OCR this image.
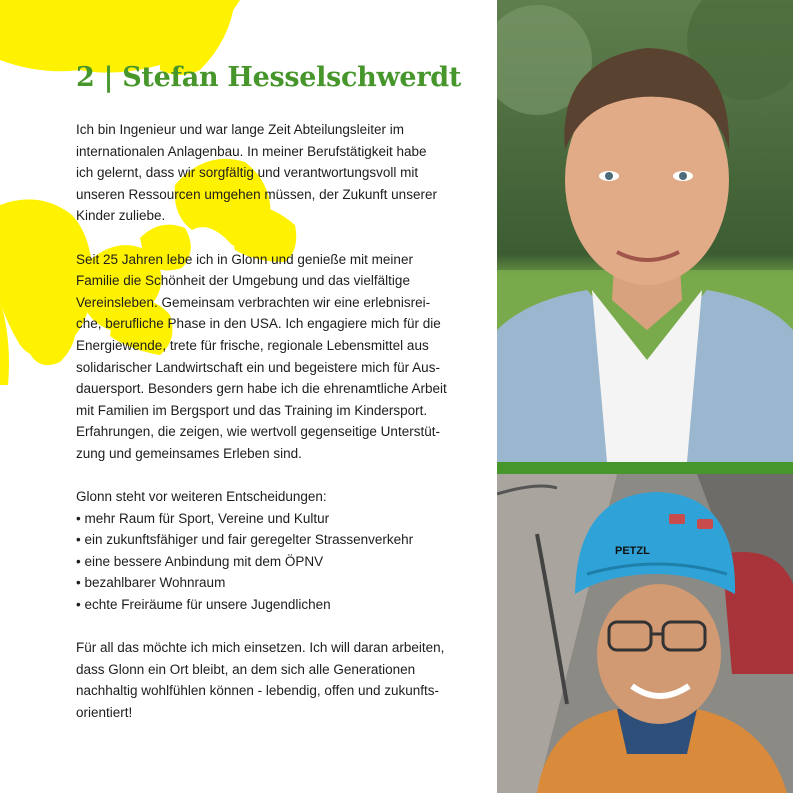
2 | Stefan Hesselschwerdt

Ich bin Ingenieur und war lange Zeit Abteilungsleiter im
internationalen Anlagenbau. In meiner Berufstätigkeit habe
ich gelernt, dass wir sorgfältig und verantwortungsvoll mit
unseren Ressourcen umgehen müssen, der Zukunft unserer
Kinder zuliebe.

Seit 25 Jahren lebe ich in Glonn und genieße mit meiner
Familie die Schönheit der Umgebung und das vielfältige
Vereinsleben. Gemeinsam verbrachten wir eine erlebnisrei-
che, berufliche Phase in den USA. Ich engagiere mich für die
Energiewende, trete für frische, regionale Lebensmittel aus
solidarischer Landwirtschaft ein und begeistere mich für Aus-
dauersport. Besonders gern habe ich die ehrenamtliche Arbeit
mit Familien im Bergsport und das Training im Kindersport.
Erfahrungen, die zeigen, wie wertvoll gegenseitige Unterstüt-
zung und gemeinsames Erleben sind.

Glonn steht vor weiteren Entscheidungen:

• mehr Raum für Sport, Vereine und Kultur
• ein zukunftsfähiger und fair geregelter Strassenverkehr
• eine bessere Anbindung mit dem ÖPNV
• bezahlbarer Wohnraum
• echte Freiräume für unsere Jugendlichen

Für all das möchte ich mich einsetzen. Ich will daran arbeiten,
dass Glonn ein Ort bleibt, an dem sich alle Generationen
nachhaltig wohlfühlen können - lebendig, offen und zukunfts-
orientiert!

PETZL
